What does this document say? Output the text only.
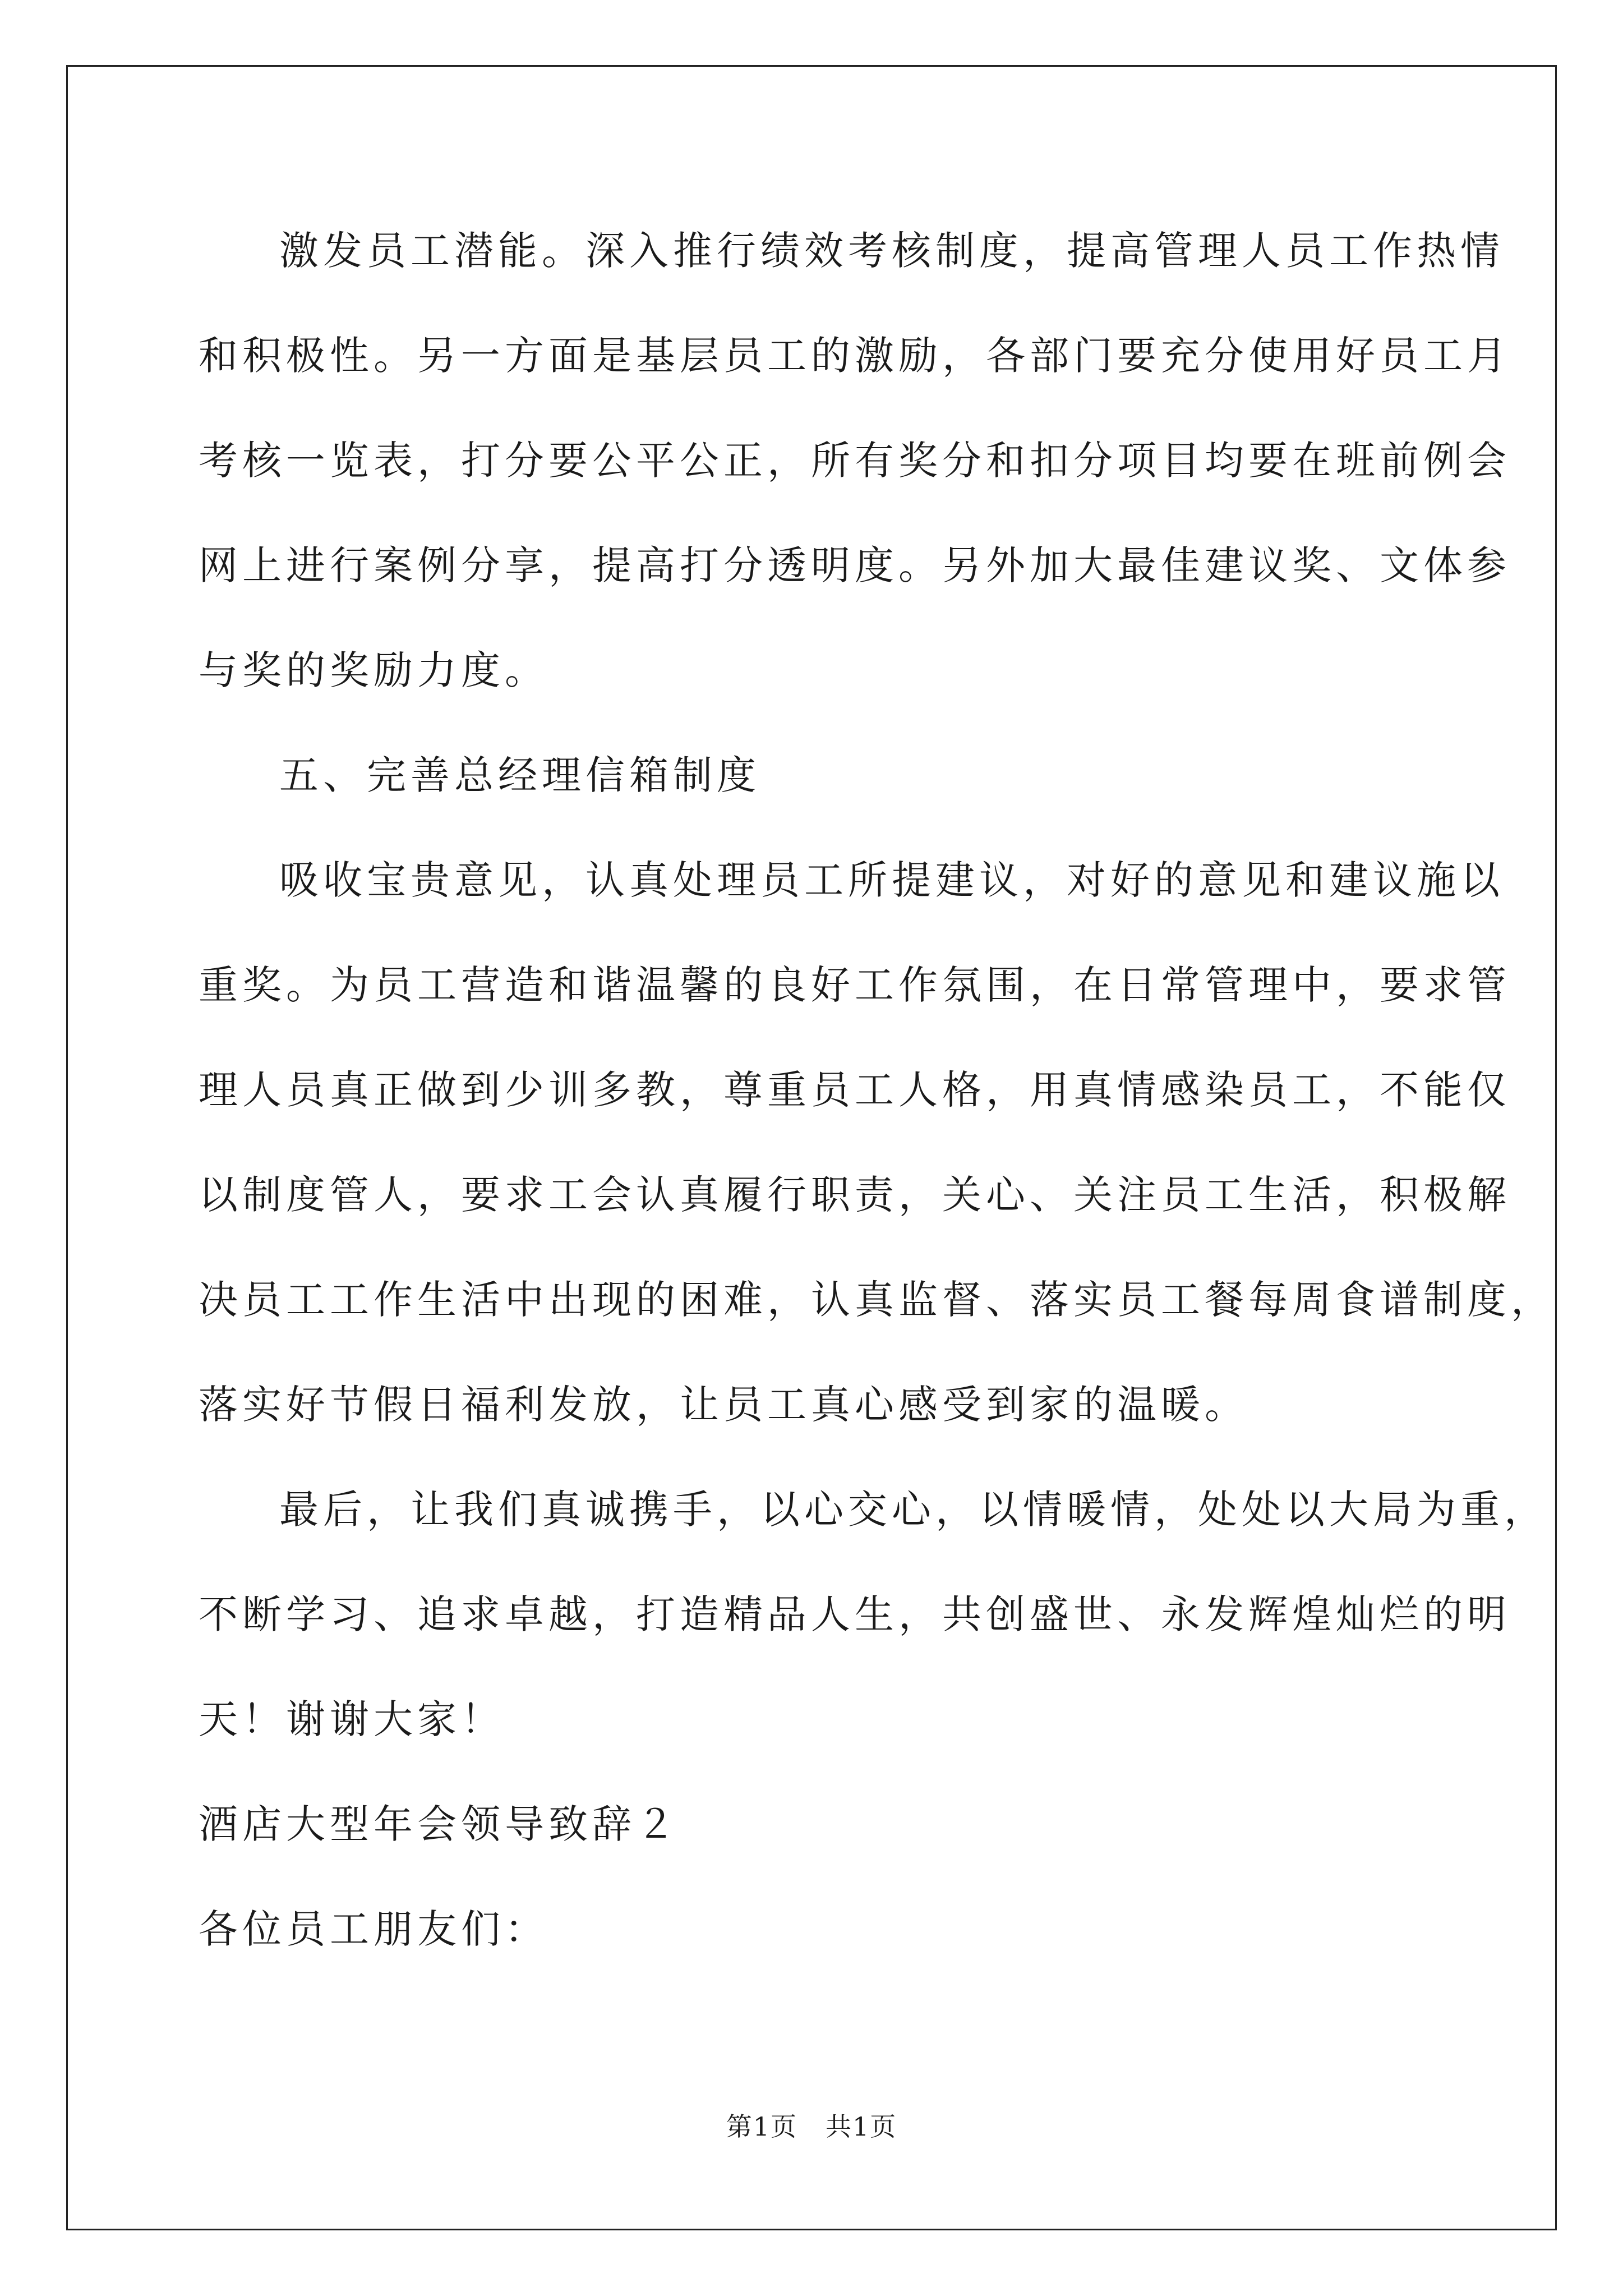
激发员工潜能。深入推行绩效考核制度，提高管理人员工作热情
和积极性。另一方面是基层员工的激励，各部门要充分使用好员工月
考核一览表，打分要公平公正，所有奖分和扣分项目均要在班前例会
网上进行案例分享，提高打分透明度。另外加大最佳建议奖、文体参
与奖的奖励力度。

五、完善总经理信箱制度

吸收宝贵意见，认真处理员工所提建议，对好的意见和建议施以
重奖。为员工营造和谐温馨的良好工作氛围，在日常管理中，要求管
理人员真正做到少训多教，尊重员工人格，用真情感染员工，不能仅
以制度管人，要求工会认真履行职责，关心、关注员工生活，积极解
决员工工作生活中出现的困难，认真监督、落实员工餐每周食谱制度，
落实好节假日福利发放，让员工真心感受到家的温暖。

最后，让我们真诚携手，以心交心，以情暖情，处处以大局为重，
不断学习、追求卓越，打造精品人生，共创盛世、永发辉煌灿烂的明
天！谢谢大家！

酒店大型年会领导致辞２

各位员工朋友们：

第1页 共1页
